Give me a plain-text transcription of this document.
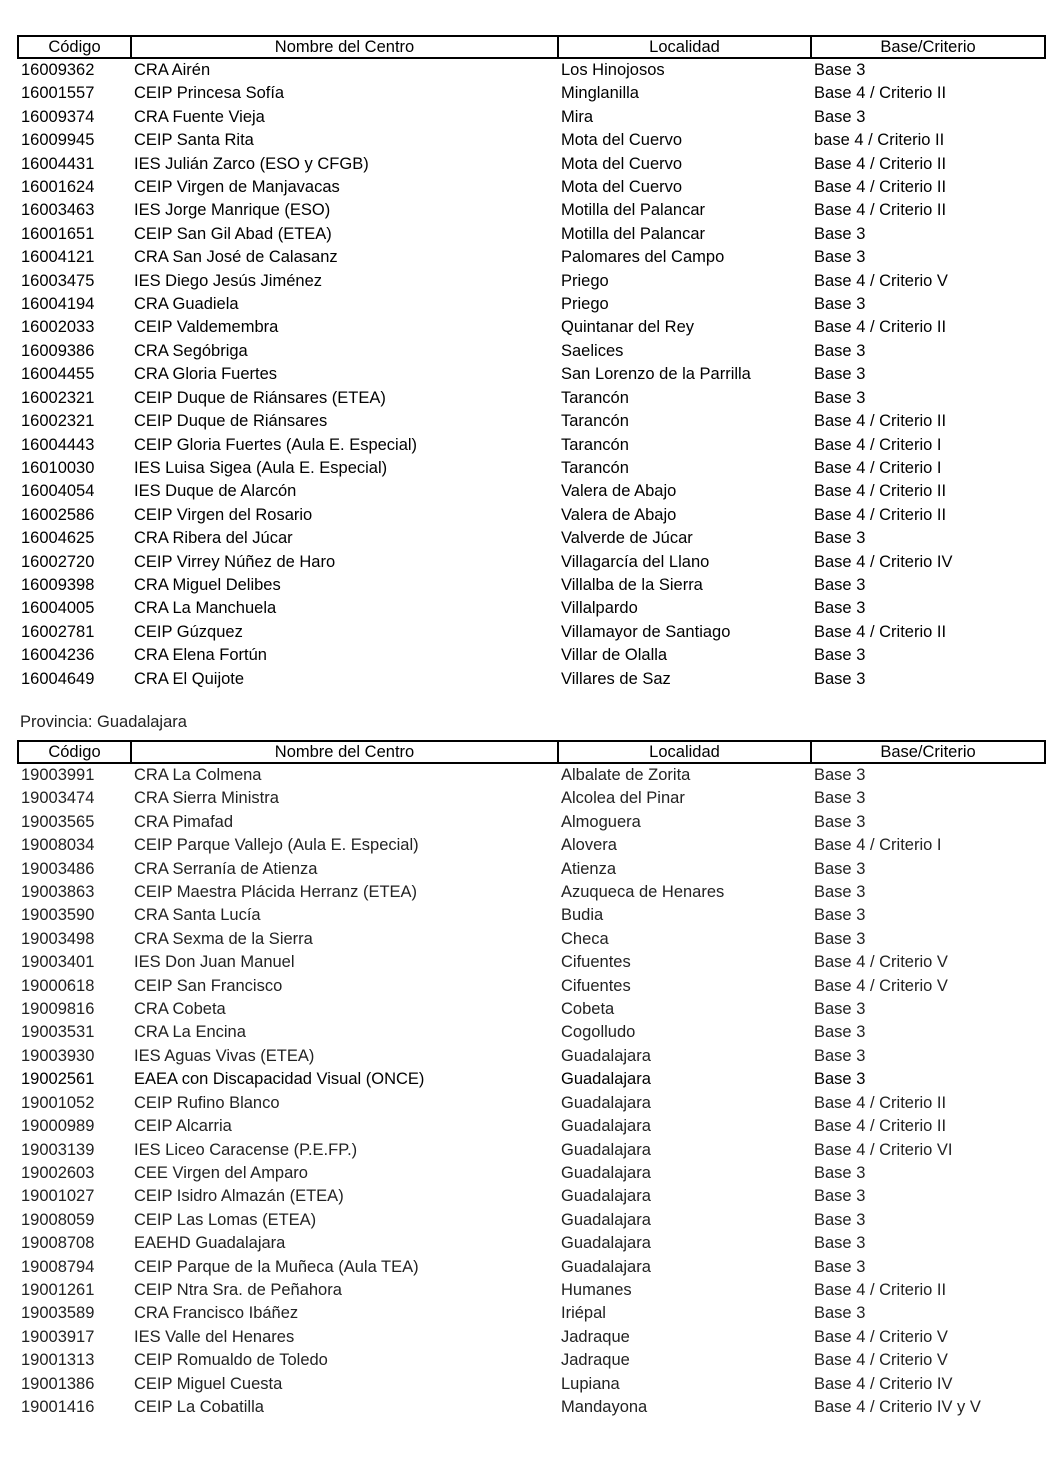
Código	Nombre del Centro	Localidad	Base/Criterio
16009362	CRA Airén	Los Hinojosos	Base 3
16001557	CEIP Princesa Sofía	Minglanilla	Base 4 / Criterio II
16009374	CRA Fuente Vieja	Mira	Base 3
16009945	CEIP Santa Rita	Mota del Cuervo	base 4 / Criterio II
16004431	IES Julián Zarco (ESO y CFGB)	Mota del Cuervo	Base 4 / Criterio II
16001624	CEIP Virgen de Manjavacas	Mota del Cuervo	Base 4 / Criterio II
16003463	IES Jorge Manrique (ESO)	Motilla del Palancar	Base 4 / Criterio II
16001651	CEIP San Gil Abad (ETEA)	Motilla del Palancar	Base 3
16004121	CRA San José de Calasanz	Palomares del Campo	Base 3
16003475	IES Diego Jesús Jiménez	Priego	Base 4 / Criterio V
16004194	CRA Guadiela	Priego	Base 3
16002033	CEIP Valdemembra	Quintanar del Rey	Base 4 / Criterio II
16009386	CRA Segóbriga	Saelices	Base 3
16004455	CRA Gloria Fuertes	San Lorenzo de la Parrilla	Base 3
16002321	CEIP Duque de Riánsares (ETEA)	Tarancón	Base 3
16002321	CEIP Duque de Riánsares	Tarancón	Base 4 / Criterio II
16004443	CEIP Gloria Fuertes (Aula E. Especial)	Tarancón	Base 4 / Criterio I
16010030	IES Luisa Sigea (Aula E. Especial)	Tarancón	Base 4 / Criterio I
16004054	IES Duque de Alarcón	Valera de Abajo	Base 4 / Criterio II
16002586	CEIP Virgen del Rosario	Valera de Abajo	Base 4 / Criterio II
16004625	CRA Ribera del Júcar	Valverde de Júcar	Base 3
16002720	CEIP Virrey Núñez de Haro	Villagarcía del Llano	Base 4 / Criterio IV
16009398	CRA Miguel Delibes	Villalba de la Sierra	Base 3
16004005	CRA La Manchuela	Villalpardo	Base 3
16002781	CEIP Gúzquez	Villamayor de Santiago	Base 4 / Criterio II
16004236	CRA Elena Fortún	Villar de Olalla	Base 3
16004649	CRA El Quijote	Villares de Saz	Base 3
Provincia: Guadalajara
Código	Nombre del Centro	Localidad	Base/Criterio
19003991	CRA La Colmena	Albalate de Zorita	Base 3
19003474	CRA Sierra Ministra	Alcolea del Pinar	Base 3
19003565	CRA Pimafad	Almoguera	Base 3
19008034	CEIP Parque Vallejo (Aula E. Especial)	Alovera	Base 4 / Criterio I
19003486	CRA Serranía de Atienza	Atienza	Base 3
19003863	CEIP Maestra Plácida Herranz (ETEA)	Azuqueca de Henares	Base 3
19003590	CRA Santa Lucía	Budia	Base 3
19003498	CRA Sexma de la Sierra	Checa	Base 3
19003401	IES Don Juan Manuel	Cifuentes	Base 4 / Criterio V
19000618	CEIP San Francisco	Cifuentes	Base 4 / Criterio V
19009816	CRA Cobeta	Cobeta	Base 3
19003531	CRA La Encina	Cogolludo	Base 3
19003930	IES Aguas Vivas (ETEA)	Guadalajara	Base 3
19002561	EAEA con Discapacidad Visual (ONCE)	Guadalajara	Base 3
19001052	CEIP Rufino Blanco	Guadalajara	Base 4 / Criterio II
19000989	CEIP Alcarria	Guadalajara	Base 4 / Criterio II
19003139	IES Liceo Caracense (P.E.FP.)	Guadalajara	Base 4 / Criterio VI
19002603	CEE Virgen del Amparo	Guadalajara	Base 3
19001027	CEIP Isidro Almazán (ETEA)	Guadalajara	Base 3
19008059	CEIP Las Lomas (ETEA)	Guadalajara	Base 3
19008708	EAEHD Guadalajara	Guadalajara	Base 3
19008794	CEIP Parque de la Muñeca (Aula TEA)	Guadalajara	Base 3
19001261	CEIP Ntra Sra. de Peñahora	Humanes	Base 4 / Criterio II
19003589	CRA Francisco Ibáñez	Iriépal	Base 3
19003917	IES Valle del Henares	Jadraque	Base 4 / Criterio V
19001313	CEIP Romualdo de Toledo	Jadraque	Base 4 / Criterio V
19001386	CEIP Miguel Cuesta	Lupiana	Base 4 / Criterio IV
19001416	CEIP La Cobatilla	Mandayona	Base 4 / Criterio IV y V
